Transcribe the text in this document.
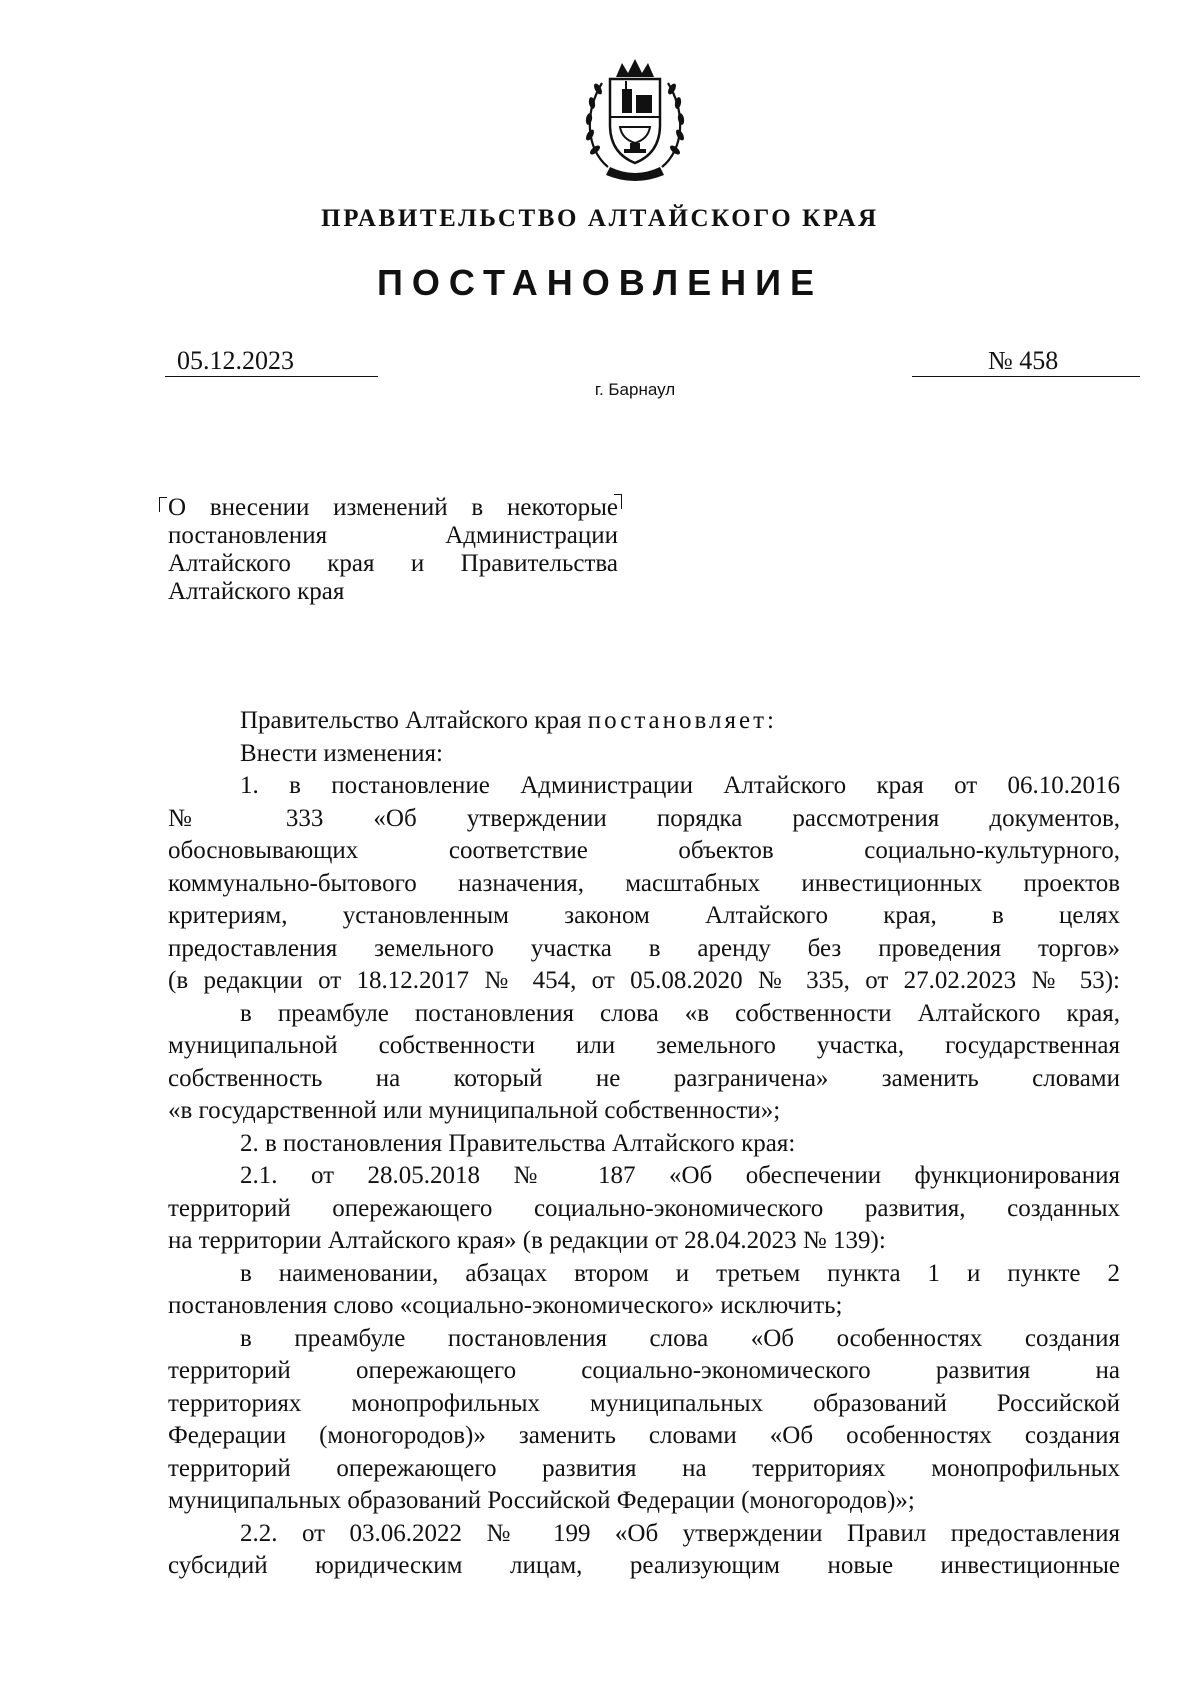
ПРАВИТЕЛЬСТВО АЛТАЙСКОГО КРАЯ
ПОСТАНОВЛЕНИЕ
05.12.2023	№ 458
г. Барнаул
О внесении изменений в некоторые
постановления Администрации
Алтайского края и Правительства
Алтайского края
Правительство Алтайского края постановляет:
Внести изменения:
1. в постановление Администрации Алтайского края от 06.10.2016
№ 333 «Об утверждении порядка рассмотрения документов,
обосновывающих соответствие объектов социально-культурного,
коммунально-бытового назначения, масштабных инвестиционных проектов
критериям, установленным законом Алтайского края, в целях
предоставления земельного участка в аренду без проведения торгов»
(в редакции от 18.12.2017 № 454, от 05.08.2020 № 335, от 27.02.2023 № 53):
в преамбуле постановления слова «в собственности Алтайского края,
муниципальной собственности или земельного участка, государственная
собственность на который не разграничена» заменить словами
«в государственной или муниципальной собственности»;
2. в постановления Правительства Алтайского края:
2.1. от 28.05.2018 № 187 «Об обеспечении функционирования
территорий опережающего социально-экономического развития, созданных
на территории Алтайского края» (в редакции от 28.04.2023 № 139):
в наименовании, абзацах втором и третьем пункта 1 и пункте 2
постановления слово «социально-экономического» исключить;
в преамбуле постановления слова «Об особенностях создания
территорий опережающего социально-экономического развития на
территориях монопрофильных муниципальных образований Российской
Федерации (моногородов)» заменить словами «Об особенностях создания
территорий опережающего развития на территориях монопрофильных
муниципальных образований Российской Федерации (моногородов)»;
2.2. от 03.06.2022 № 199 «Об утверждении Правил предоставления
субсидий юридическим лицам, реализующим новые инвестиционные
